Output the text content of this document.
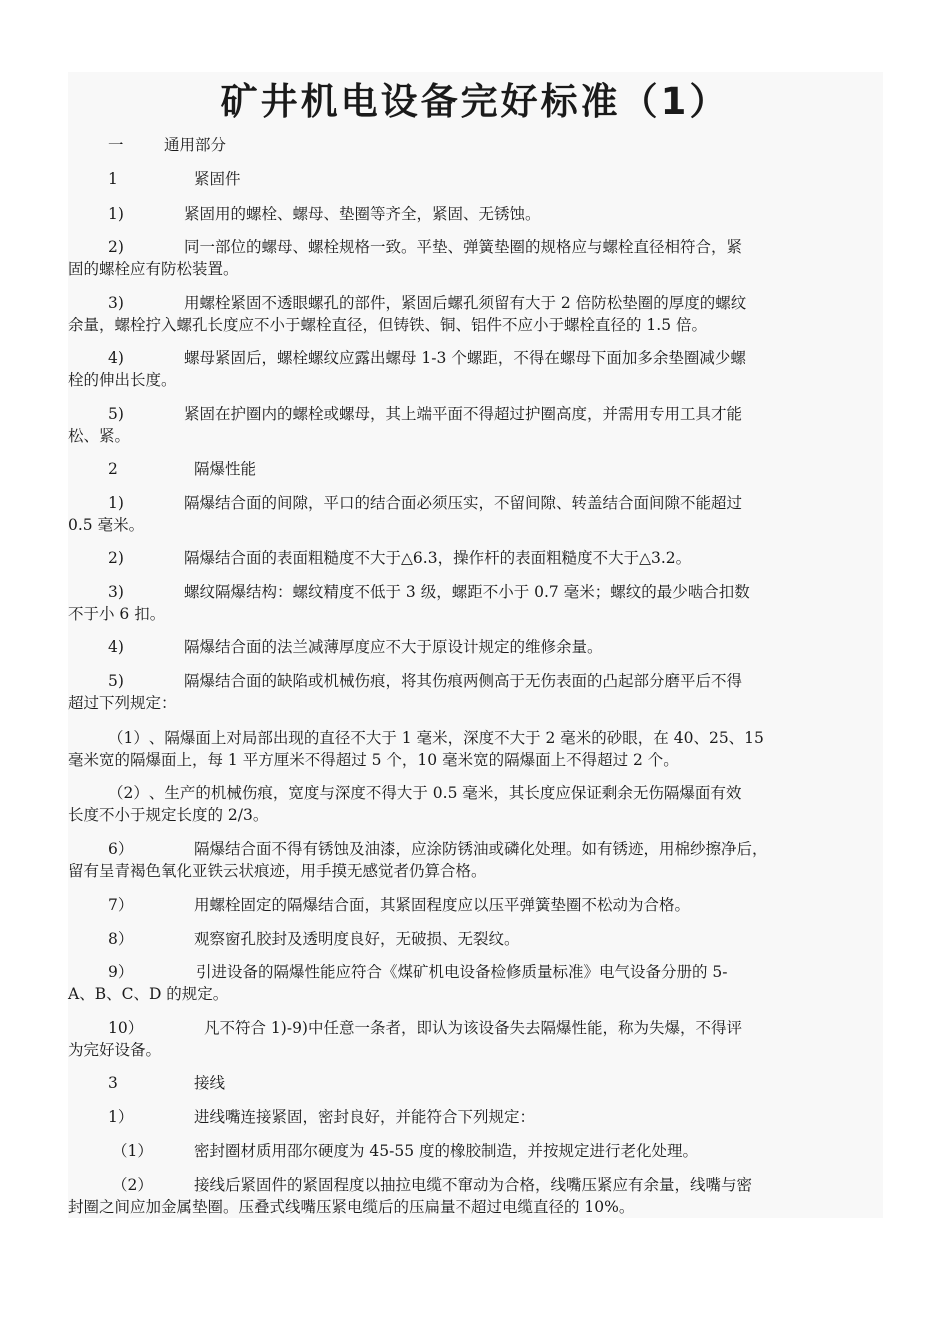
矿井机电设备完好标准（1）

一	通用部分

1	紧固件

1)	紧固用的螺栓、螺母、垫圈等齐全，紧固、无锈蚀。

2)	同一部位的螺母、螺栓规格一致。平垫、弹簧垫圈的规格应与螺栓直径相符合，紧

固的螺栓应有防松装置。

3)	用螺栓紧固不透眼螺孔的部件，紧固后螺孔须留有大于 2 倍防松垫圈的厚度的螺纹

余量，螺栓拧入螺孔长度应不小于螺栓直径，但铸铁、铜、铝件不应小于螺栓直径的 1.5 倍。

4)	螺母紧固后，螺栓螺纹应露出螺母 1-3 个螺距，不得在螺母下面加多余垫圈减少螺

栓的伸出长度。

5)	紧固在护圈内的螺栓或螺母，其上端平面不得超过护圈高度，并需用专用工具才能

松、紧。

2	隔爆性能

1)	隔爆结合面的间隙，平口的结合面必须压实，不留间隙、转盖结合面间隙不能超过

0.5 毫米。

2)	隔爆结合面的表面粗糙度不大于△6.3，操作杆的表面粗糙度不大于△3.2。

3)	螺纹隔爆结构：螺纹精度不低于 3 级，螺距不小于 0.7 毫米；螺纹的最少啮合扣数

不于小 6 扣。

4)	隔爆结合面的法兰减薄厚度应不大于原设计规定的维修余量。

5)	隔爆结合面的缺陷或机械伤痕，将其伤痕两侧高于无伤表面的凸起部分磨平后不得

超过下列规定：

（1）、隔爆面上对局部出现的直径不大于 1 毫米，深度不大于 2 毫米的砂眼，在 40、25、15

毫米宽的隔爆面上，每 1 平方厘米不得超过 5 个，10 毫米宽的隔爆面上不得超过 2 个。

（2）、生产的机械伤痕，宽度与深度不得大于 0.5 毫米，其长度应保证剩余无伤隔爆面有效

长度不小于规定长度的 2/3。

6）	隔爆结合面不得有锈蚀及油漆，应涂防锈油或磷化处理。如有锈迹，用棉纱擦净后，

留有呈青褐色氧化亚铁云状痕迹，用手摸无感觉者仍算合格。

7）	用螺栓固定的隔爆结合面，其紧固程度应以压平弹簧垫圈不松动为合格。

8）	观察窗孔胶封及透明度良好，无破损、无裂纹。

9）	引进设备的隔爆性能应符合《煤矿机电设备检修质量标准》电气设备分册的 5-

A、B、C、D 的规定。

10）	凡不符合 1)-9)中任意一条者，即认为该设备失去隔爆性能，称为失爆，不得评

为完好设备。

3	接线

1）	进线嘴连接紧固，密封良好，并能符合下列规定：

（1）	密封圈材质用邵尔硬度为 45-55 度的橡胶制造，并按规定进行老化处理。

（2）	接线后紧固件的紧固程度以抽拉电缆不窜动为合格，线嘴压紧应有余量，线嘴与密

封圈之间应加金属垫圈。压叠式线嘴压紧电缆后的压扁量不超过电缆直径的 10%。
